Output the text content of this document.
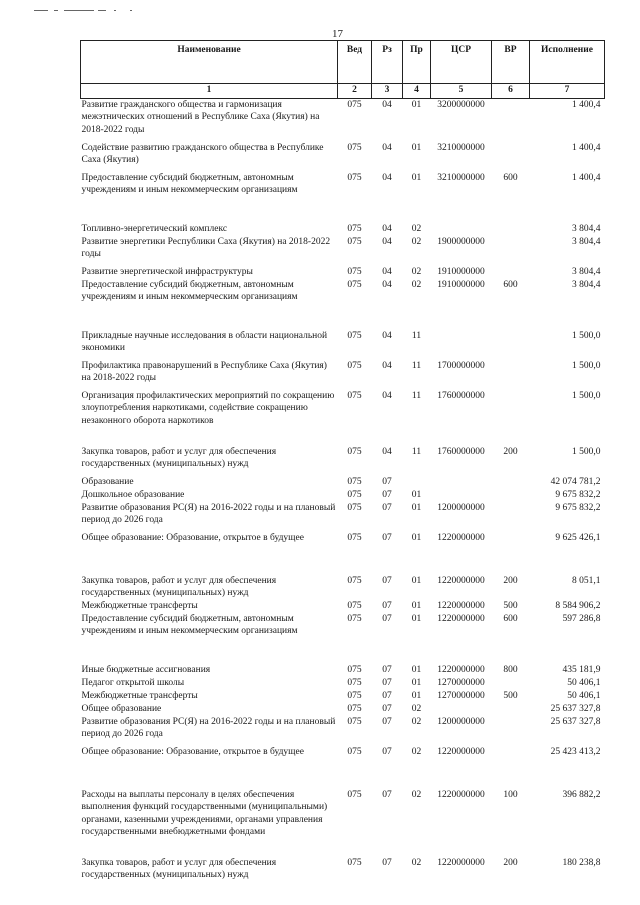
17
Наименование	Вед	Рз	Пр	ЦСР	ВР	Исполнение
1	2	3	4	5	6	7
Развитие гражданского общества и гармонизация межэтнических отношений в Республике Саха (Якутия) на 2018-2022 годы	075	04	01	3200000000		1 400,4
Содействие развитию гражданского общества в Республике Саха (Якутия)	075	04	01	3210000000		1 400,4
Предоставление субсидий бюджетным, автономным учреждениям и иным некоммерческим организациям	075	04	01	3210000000	600	1 400,4
Топливно-энергетический комплекс	075	04	02			3 804,4
Развитие энергетики Республики Саха (Якутия) на 2018-2022 годы	075	04	02	1900000000		3 804,4
Развитие энергетической инфраструктуры	075	04	02	1910000000		3 804,4
Предоставление субсидий бюджетным, автономным учреждениям и иным некоммерческим организациям	075	04	02	1910000000	600	3 804,4
Прикладные научные исследования в области национальной экономики	075	04	11			1 500,0
Профилактика правонарушений в Республике Саха (Якутия) на 2018-2022 годы	075	04	11	1700000000		1 500,0
Организация профилактических мероприятий по сокращению злоупотребления наркотиками, содействие сокращению незаконного оборота наркотиков	075	04	11	1760000000		1 500,0
Закупка товаров, работ и услуг для обеспечения государственных (муниципальных) нужд	075	04	11	1760000000	200	1 500,0
Образование	075	07				42 074 781,2
Дошкольное образование	075	07	01			9 675 832,2
Развитие образования РС(Я) на 2016-2022 годы и на плановый период до 2026 года	075	07	01	1200000000		9 675 832,2
Общее образование: Образование, открытое в будущее	075	07	01	1220000000		9 625 426,1
Закупка товаров, работ и услуг для обеспечения государственных (муниципальных) нужд	075	07	01	1220000000	200	8 051,1
Межбюджетные трансферты	075	07	01	1220000000	500	8 584 906,2
Предоставление субсидий бюджетным, автономным учреждениям и иным некоммерческим организациям	075	07	01	1220000000	600	597 286,8
Иные бюджетные ассигнования	075	07	01	1220000000	800	435 181,9
Педагог открытой школы	075	07	01	1270000000		50 406,1
Межбюджетные трансферты	075	07	01	1270000000	500	50 406,1
Общее образование	075	07	02			25 637 327,8
Развитие образования РС(Я) на 2016-2022 годы и на плановый период до 2026 года	075	07	02	1200000000		25 637 327,8
Общее образование: Образование, открытое в будущее	075	07	02	1220000000		25 423 413,2
Расходы на выплаты персоналу в целях обеспечения выполнения функций государственными (муниципальными) органами, казенными учреждениями, органами управления государственными внебюджетными фондами	075	07	02	1220000000	100	396 882,2
Закупка товаров, работ и услуг для обеспечения государственных (муниципальных) нужд	075	07	02	1220000000	200	180 238,8
